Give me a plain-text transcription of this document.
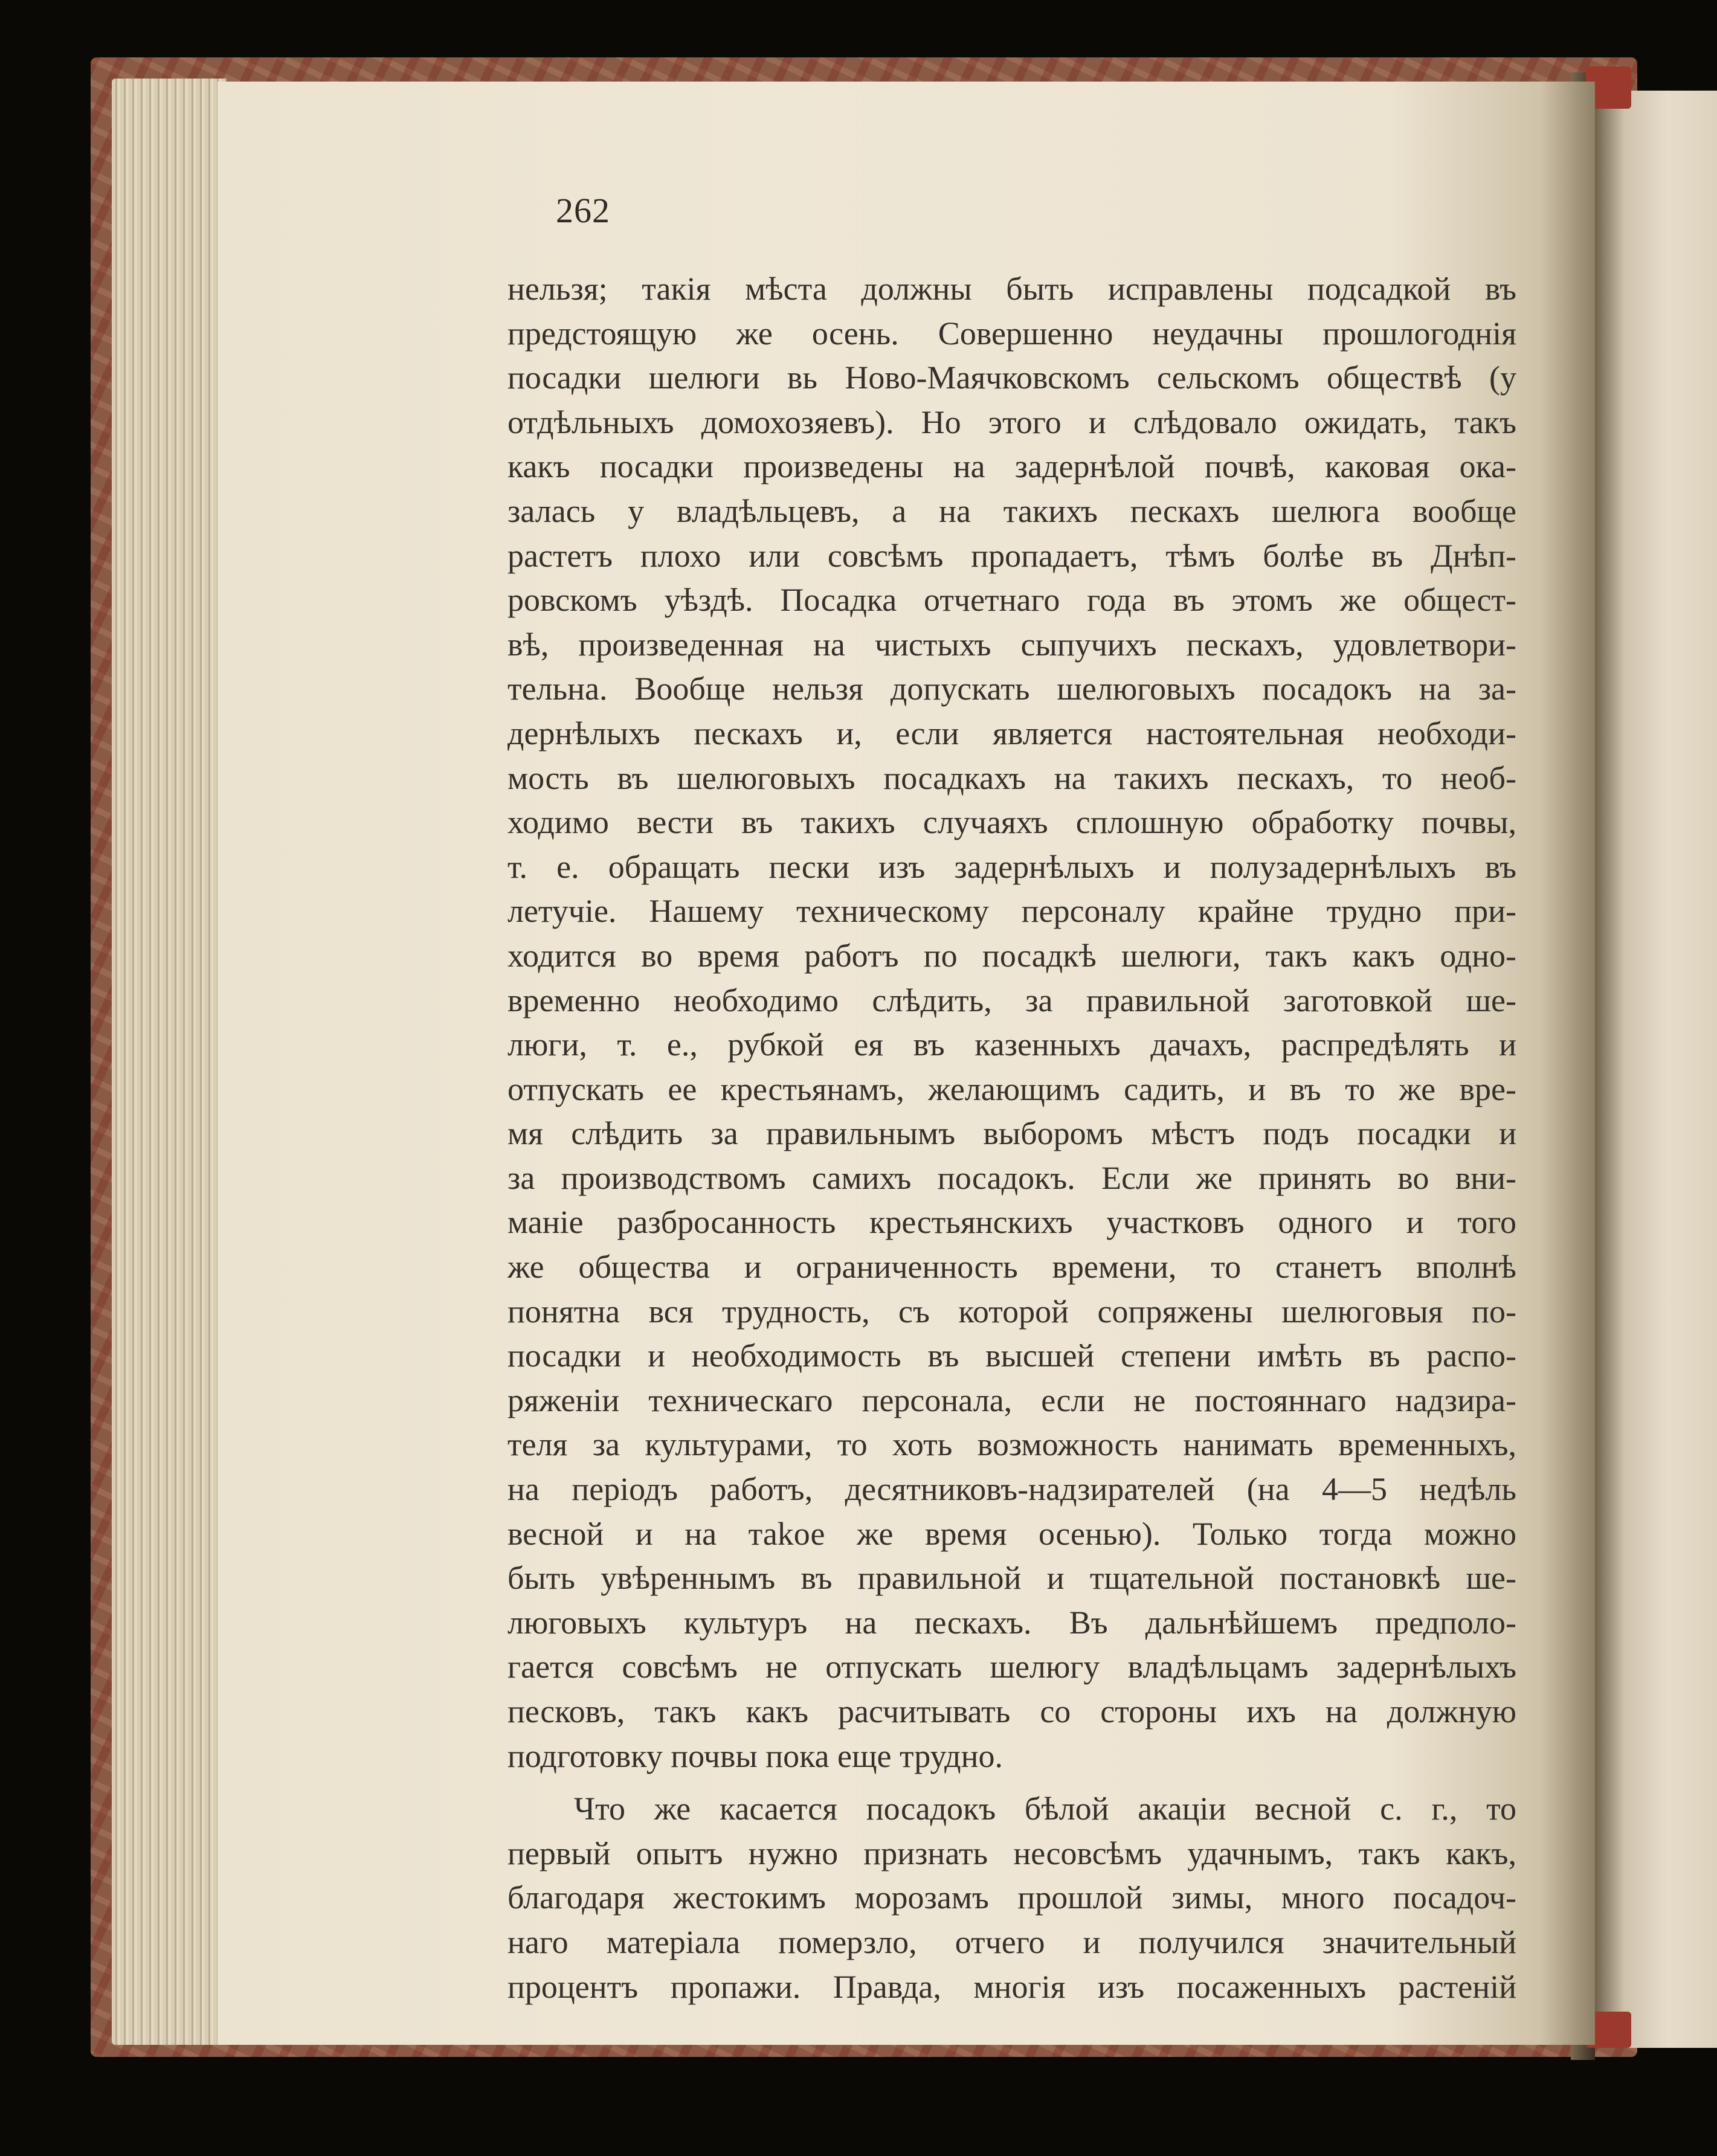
262
нельзя; такія мѣста должны быть исправлены подсадкой въ
предстоящую же осень. Совершенно неудачны прошлогоднія
посадки шелюги вь Ново-Маячковскомъ сельскомъ обществѣ (у
отдѣльныхъ домохозяевъ). Но этого и слѣдовало ожидать, такъ
какъ посадки произведены на задернѣлой почвѣ, каковая ока-
залась у владѣльцевъ, а на такихъ пескахъ шелюга вообще
растетъ плохо или совсѣмъ пропадаетъ, тѣмъ болѣе въ Днѣп-
ровскомъ уѣздѣ. Посадка отчетнаго года въ этомъ же общест-
вѣ, произведенная на чистыхъ сыпучихъ пескахъ, удовлетвори-
тельна. Вообще нельзя допускать шелюговыхъ посадокъ на за-
дернѣлыхъ пескахъ и, если является настоятельная необходи-
мость въ шелюговыхъ посадкахъ на такихъ пескахъ, то необ-
ходимо вести въ такихъ случаяхъ сплошную обработку почвы,
т. е. обращать пески изъ задернѣлыхъ и полузадернѣлыхъ въ
летучіе. Нашему техническому персоналу крайне трудно при-
ходится во время работъ по посадкѣ шелюги, такъ какъ одно-
временно необходимо слѣдить, за правильной заготовкой ше-
люги, т. е., рубкой ея въ казенныхъ дачахъ, распредѣлять и
отпускать ее крестьянамъ, желающимъ садить, и въ то же вре-
мя слѣдить за правильнымъ выборомъ мѣстъ подъ посадки и
за производствомъ самихъ посадокъ. Если же принять во вни-
маніе разбросанность крестьянскихъ участковъ одного и того
же общества и ограниченность времени, то станетъ вполнѣ
понятна вся трудность, съ которой сопряжены шелюговыя по-
посадки и необходимость въ высшей степени имѣть въ распо-
ряженіи техническаго персонала, если не постояннаго надзира-
теля за культурами, то хоть возможность нанимать временныхъ,
на періодъ работъ, десятниковъ-надзирателей (на 4—5 недѣль
весной и на таkое же время осенью). Только тогда можно
быть увѣреннымъ въ правильной и тщательной постановкѣ ше-
люговыхъ культуръ на пескахъ. Въ дальнѣйшемъ предполо-
гается совсѣмъ не отпускать шелюгу владѣльцамъ задернѣлыхъ
песковъ, такъ какъ расчитывать со стороны ихъ на должную
подготовку почвы пока еще трудно.
Что же касается посадокъ бѣлой акаціи весной с. г., то
первый опытъ нужно признать несовсѣмъ удачнымъ, такъ какъ,
благодаря жестокимъ морозамъ прошлой зимы, много посадоч-
наго матеріала померзло, отчего и получился значительный
процентъ пропажи. Правда, многія изъ посаженныхъ растеній
